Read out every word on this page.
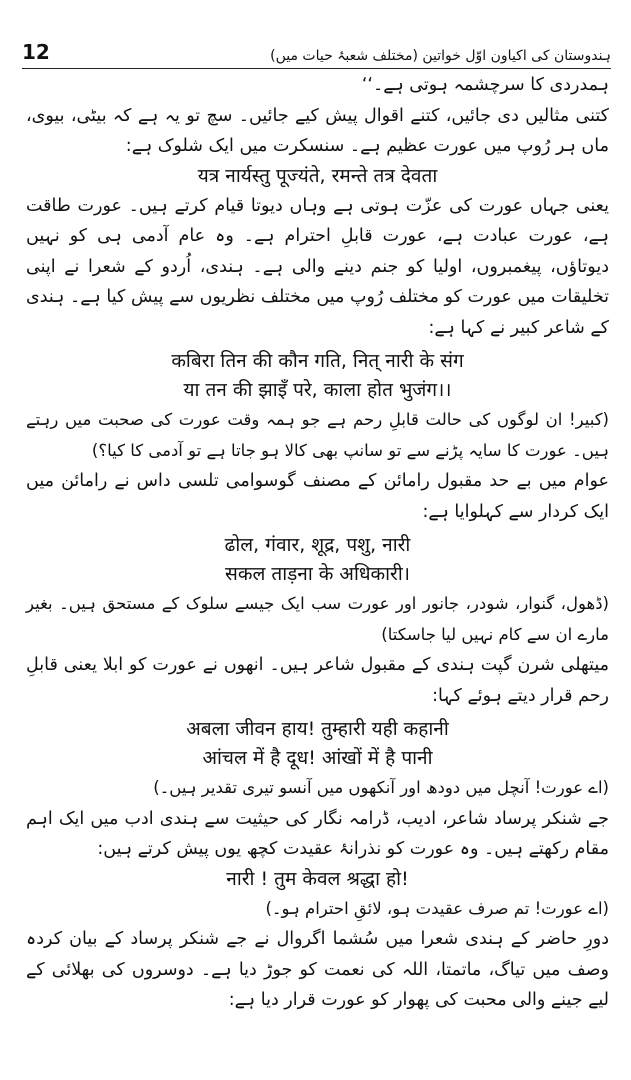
12	ہندوستان کی اکیاون اوّل خواتین (مختلف شعبۂ حیات میں)

ہمدردی کا سرچشمہ ہوتی ہے۔‘‘

کتنی مثالیں دی جائیں، کتنے اقوال پیش کیے جائیں۔ سچ تو یہ ہے کہ بیٹی، بیوی، ماں ہر رُوپ میں عورت عظیم ہے۔ سنسکرت میں ایک شلوک ہے:

यत्र नार्यस्तु पूज्यंते, रमन्ते तत्र देवता

یعنی جہاں عورت کی عزّت ہوتی ہے وہاں دیوتا قیام کرتے ہیں۔ عورت طاقت ہے، عورت عبادت ہے، عورت قابلِ احترام ہے۔ وہ عام آدمی ہی کو نہیں دیوتاؤں، پیغمبروں، اولیا کو جنم دینے والی ہے۔ ہندی، اُردو کے شعرا نے اپنی تخلیقات میں عورت کو مختلف رُوپ میں مختلف نظریوں سے پیش کیا ہے۔ ہندی کے شاعر کبیر نے کہا ہے:

कबिरा तिन की कौन गति, नित् नारी के संग

या तन की झाइँ परे, काला होत भुजंग।।

(کبیر! ان لوگوں کی حالت قابلِ رحم ہے جو ہمہ وقت عورت کی صحبت میں رہتے ہیں۔ عورت کا سایہ پڑنے سے تو سانپ بھی کالا ہو جاتا ہے تو آدمی کا کیا؟)

عوام میں بے حد مقبول رامائن کے مصنف گوسوامی تلسی داس نے رامائن میں ایک کردار سے کہلوایا ہے:

ढोल, गंवार, शूद्र, पशु, नारी

सकल ताड़ना के अधिकारी।

(ڈھول، گنوار، شودر، جانور اور عورت سب ایک جیسے سلوک کے مستحق ہیں۔ بغیر مارے ان سے کام نہیں لیا جاسکتا)

میتھلی شرن گپت ہندی کے مقبول شاعر ہیں۔ انھوں نے عورت کو ابلا یعنی قابلِ رحم قرار دیتے ہوئے کہا:

अबला जीवन हाय! तुम्हारी यही कहानी

आंचल में है दूध! आंखों में है पानी

(اے عورت! آنچل میں دودھ اور آنکھوں میں آنسو تیری تقدیر ہیں۔)

جے شنکر پرساد شاعر، ادیب، ڈرامہ نگار کی حیثیت سے ہندی ادب میں ایک اہم مقام رکھتے ہیں۔ وہ عورت کو نذرانۂ عقیدت کچھ یوں پیش کرتے ہیں:

नारी ! तुम केवल श्रद्धा हो!

(اے عورت! تم صرف عقیدت ہو، لائقِ احترام ہو۔)

دورِ حاضر کے ہندی شعرا میں سُشما اگروال نے جے شنکر پرساد کے بیان کردہ وصف میں تیاگ، ماتمتا، اللہ کی نعمت کو جوڑ دیا ہے۔ دوسروں کی بھلائی کے لیے جینے والی محبت کی پھوار کو عورت قرار دیا ہے:
